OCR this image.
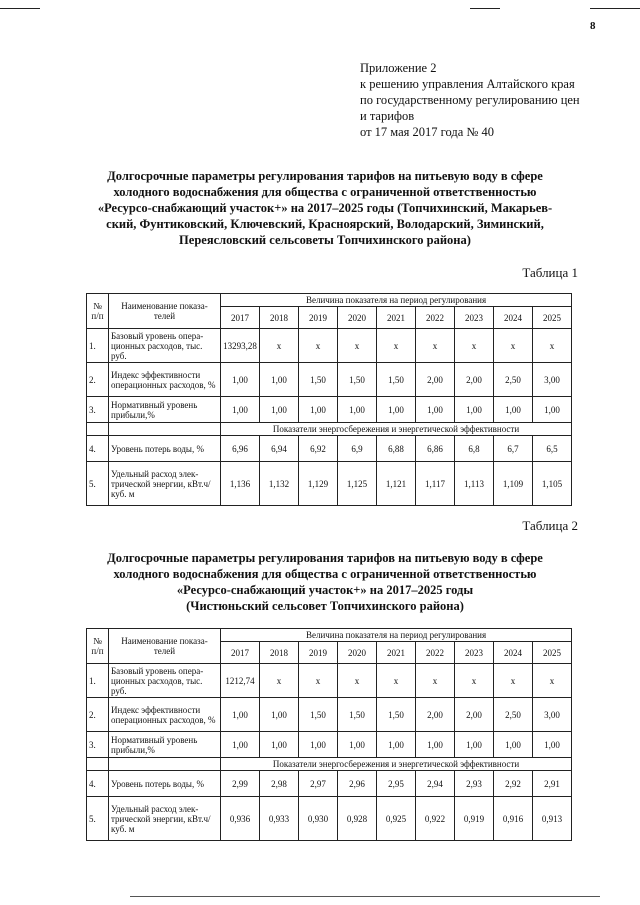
8
Приложение 2
к решению управления Алтайского края
по государственному регулированию цен
и тарифов
от 17 мая 2017 года № 40
Долгосрочные параметры регулирования тарифов на питьевую воду в сфере
холодного водоснабжения для общества с ограниченной ответственностью
«Ресурсо-снабжающий участок+» на 2017–2025 годы (Топчихинский, Макарьев-
ский, Фунтиковский, Ключевский, Красноярский, Володарский, Зиминский,
Переясловский сельсоветы Топчихинского района)
Таблица 1
№ п/п	Наименование показа-телей	Величина показателя на период регулирования								
		2017	2018	2019	2020	2021	2022	2023	2024	2025
1.	Базовый уровень опера-ционных расходов, тыс. руб.	13293,28	x	x	x	x	x	x	x	x
2.	Индекс эффективности операционных расходов, %	1,00	1,00	1,50	1,50	1,50	2,00	2,00	2,50	3,00
3.	Нормативный уровень прибыли,%	1,00	1,00	1,00	1,00	1,00	1,00	1,00	1,00	1,00
		Показатели энергосбережения и энергетической эффективности								
4.	Уровень потерь воды, %	6,96	6,94	6,92	6,9	6,88	6,86	6,8	6,7	6,5
5.	Удельный расход элек-трической энергии, кВт.ч/куб. м	1,136	1,132	1,129	1,125	1,121	1,117	1,113	1,109	1,105
Таблица 2
Долгосрочные параметры регулирования тарифов на питьевую воду в сфере
холодного водоснабжения для общества с ограниченной ответственностью
«Ресурсо-снабжающий участок+» на 2017–2025 годы
(Чистюньский сельсовет Топчихинского района)
№ п/п	Наименование показа-телей	Величина показателя на период регулирования								
		2017	2018	2019	2020	2021	2022	2023	2024	2025
1.	Базовый уровень опера-ционных расходов, тыс. руб.	1212,74	x	x	x	x	x	x	x	x
2.	Индекс эффективности операционных расходов, %	1,00	1,00	1,50	1,50	1,50	2,00	2,00	2,50	3,00
3.	Нормативный уровень прибыли,%	1,00	1,00	1,00	1,00	1,00	1,00	1,00	1,00	1,00
		Показатели энергосбережения и энергетической эффективности								
4.	Уровень потерь воды, %	2,99	2,98	2,97	2,96	2,95	2,94	2,93	2,92	2,91
5.	Удельный расход элек-трической энергии, кВт.ч/куб. м	0,936	0,933	0,930	0,928	0,925	0,922	0,919	0,916	0,913
